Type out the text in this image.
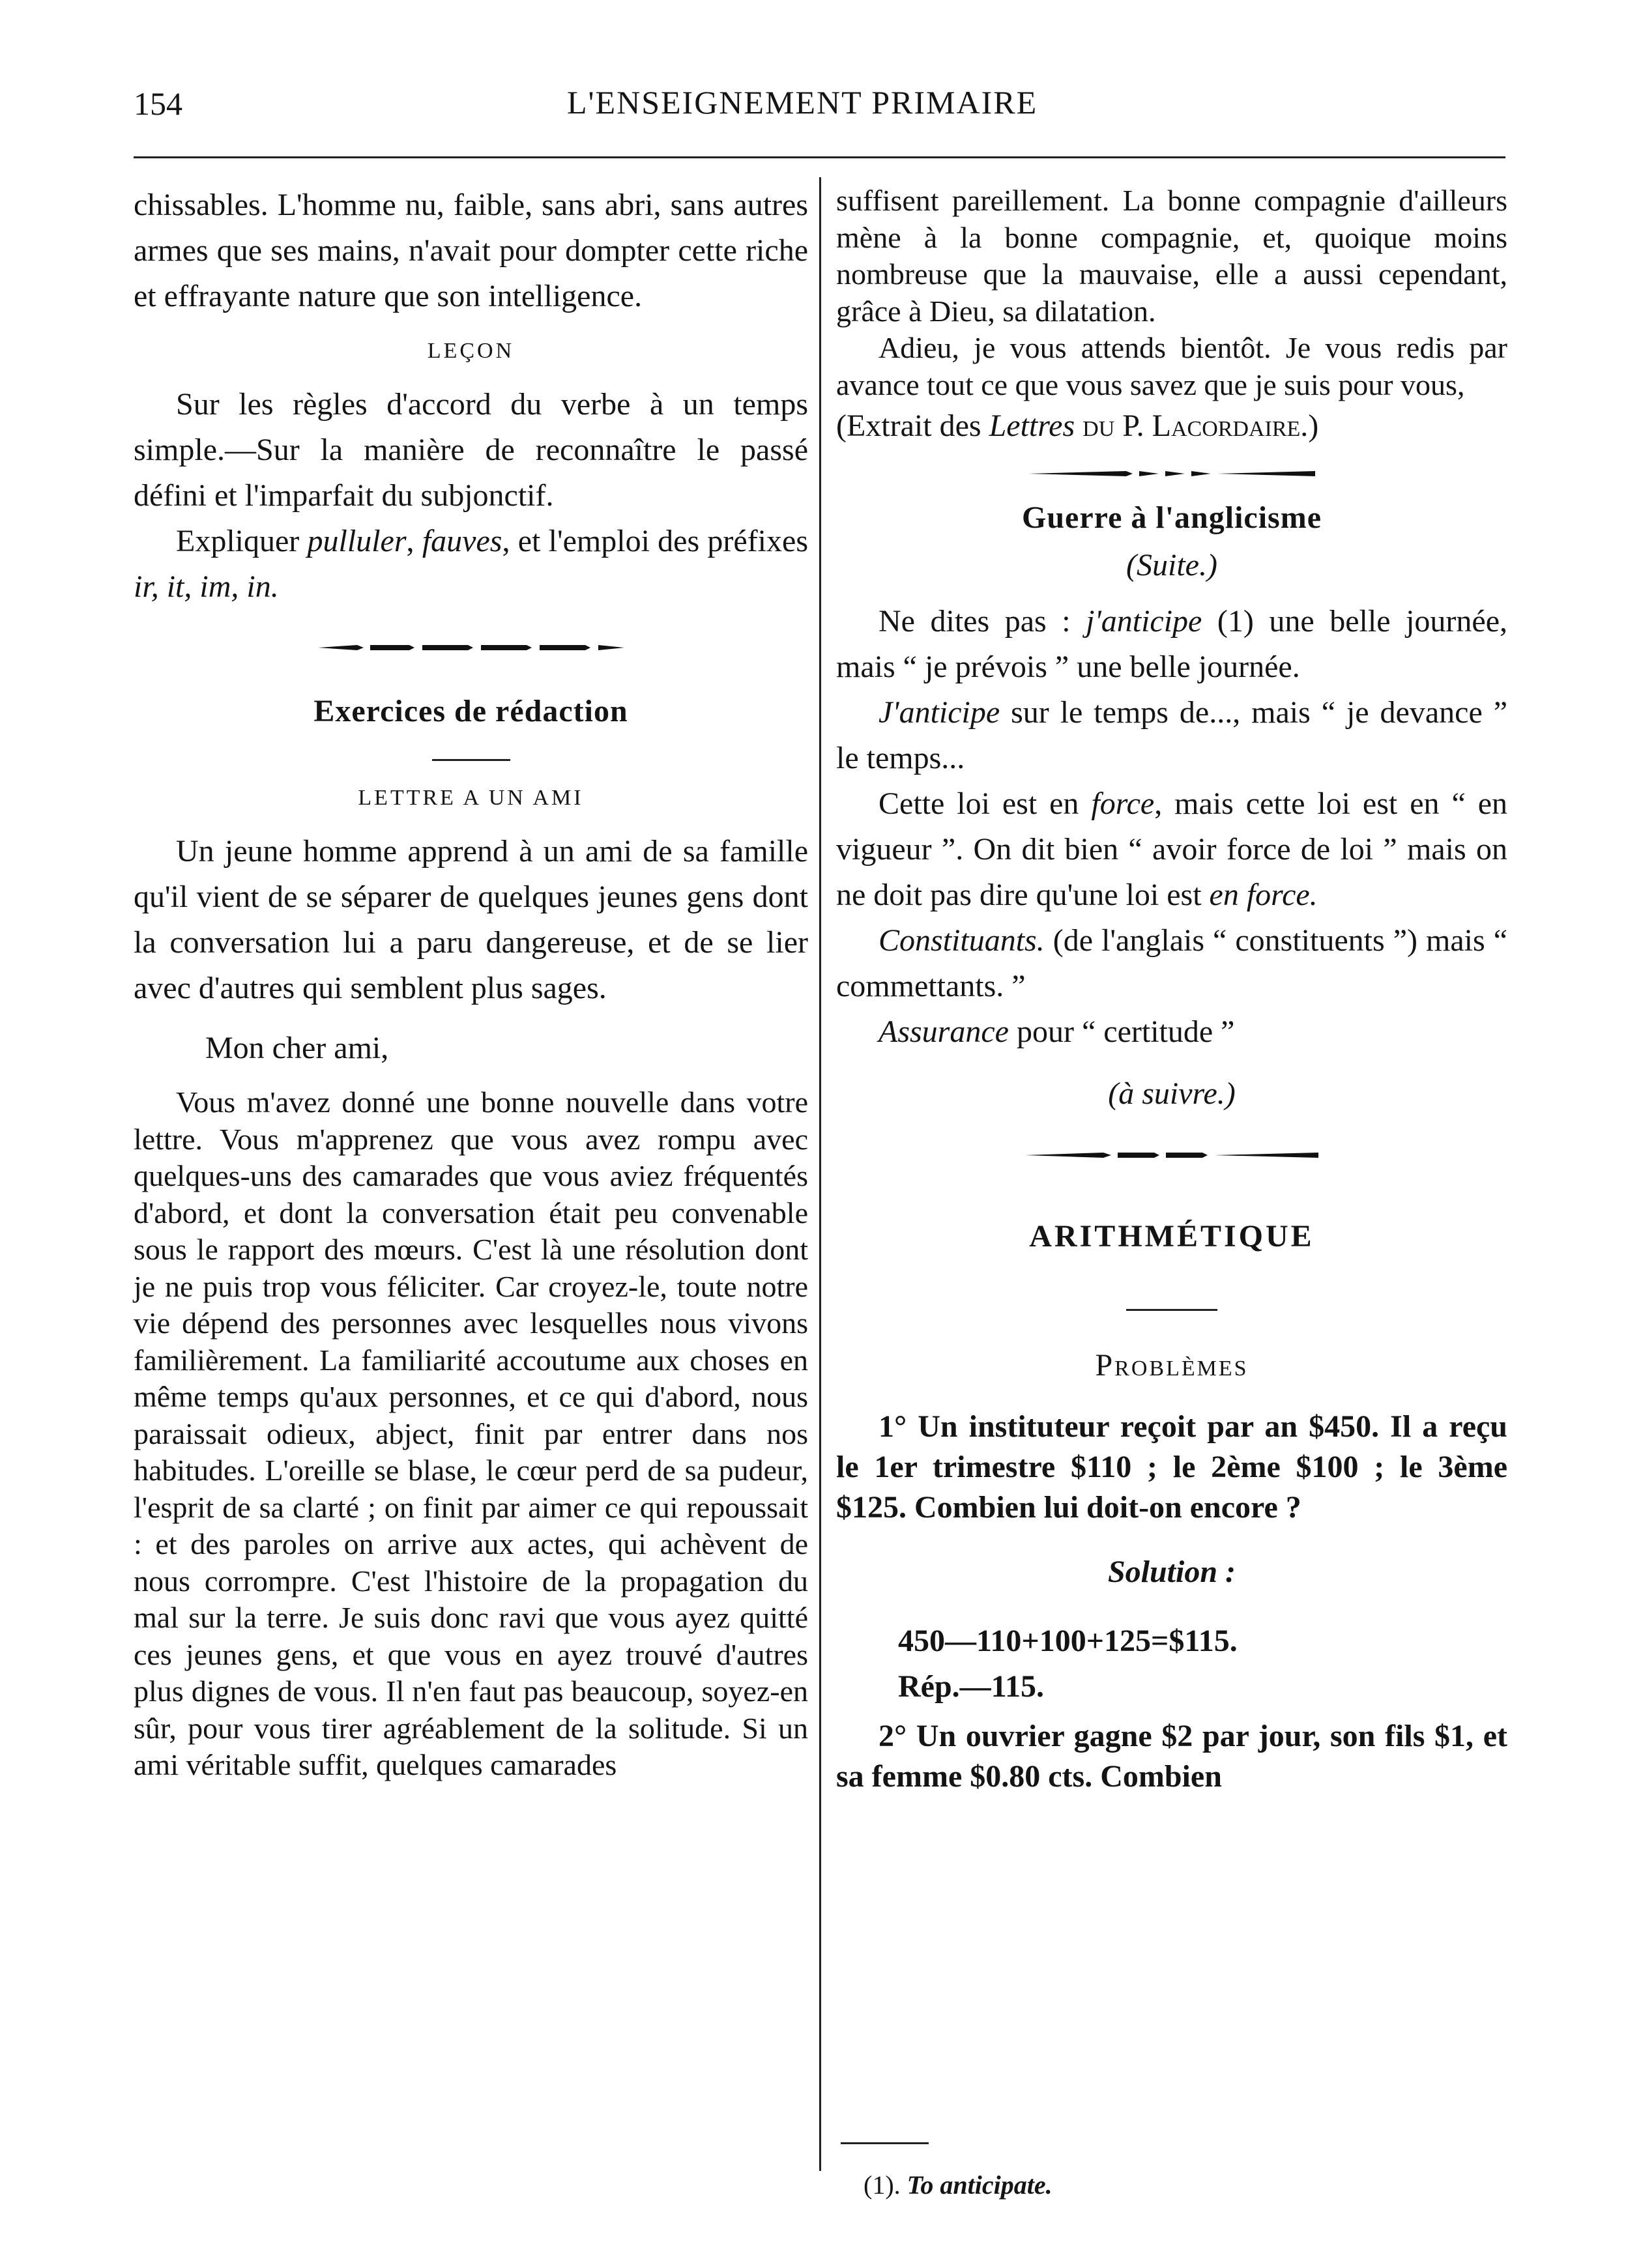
154	L'ENSEIGNEMENT PRIMAIRE

chissables. L'homme nu, faible, sans abri, sans autres armes que ses mains, n'avait pour dompter cette riche et effrayante nature que son intelligence.

LEÇON

Sur les règles d'accord du verbe à un temps simple.—Sur la manière de reconnaître le passé défini et l'imparfait du subjonctif.

Expliquer pulluler, fauves, et l'emploi des préfixes ir, it, im, in.

Exercices de rédaction
LETTRE A UN AMI

Un jeune homme apprend à un ami de sa famille qu'il vient de se séparer de quelques jeunes gens dont la conversation lui a paru dangereuse, et de se lier avec d'autres qui semblent plus sages.

Mon cher ami,

Vous m'avez donné une bonne nouvelle dans votre lettre. Vous m'apprenez que vous avez rompu avec quelques-uns des camarades que vous aviez fréquentés d'abord, et dont la conversation était peu convenable sous le rapport des mœurs. C'est là une résolution dont je ne puis trop vous féliciter. Car croyez-le, toute notre vie dépend des personnes avec lesquelles nous vivons familièrement. La familiarité accoutume aux choses en même temps qu'aux personnes, et ce qui d'abord, nous paraissait odieux, abject, finit par entrer dans nos habitudes. L'oreille se blase, le cœur perd de sa pudeur, l'esprit de sa clarté ; on finit par aimer ce qui repoussait : et des paroles on arrive aux actes, qui achèvent de nous corrompre. C'est l'histoire de la propagation du mal sur la terre. Je suis donc ravi que vous ayez quitté ces jeunes gens, et que vous en ayez trouvé d'autres plus dignes de vous. Il n'en faut pas beaucoup, soyez-en sûr, pour vous tirer agréablement de la solitude. Si un ami véritable suffit, quelques camarades

suffisent pareillement. La bonne compagnie d'ailleurs mène à la bonne compagnie, et, quoique moins nombreuse que la mauvaise, elle a aussi cependant, grâce à Dieu, sa dilatation.

Adieu, je vous attends bientôt. Je vous redis par avance tout ce que vous savez que je suis pour vous,

(Extrait des Lettres du P. Lacordaire.)

Guerre à l'anglicisme
(Suite.)

Ne dites pas : j'anticipe (1) une belle journée, mais “ je prévois ” une belle journée.

J'anticipe sur le temps de..., mais “ je devance ” le temps...

Cette loi est en force, mais cette loi est en “ en vigueur ”. On dit bien “ avoir force de loi ” mais on ne doit pas dire qu'une loi est en force.

Constituants. (de l'anglais “ constituents ”) mais “ commettants. ”

Assurance pour “ certitude ”

(à suivre.)
ARITHMÉTIQUE
Problèmes

1° Un instituteur reçoit par an $450. Il a reçu le 1er trimestre $110 ; le 2ème $100 ; le 3ème $125. Combien lui doit-on encore ?

Solution :

450—110+100+125=$115.

Rép.—115.

2° Un ouvrier gagne $2 par jour, son fils $1, et sa femme $0.80 cts. Combien

(1). To anticipate.
